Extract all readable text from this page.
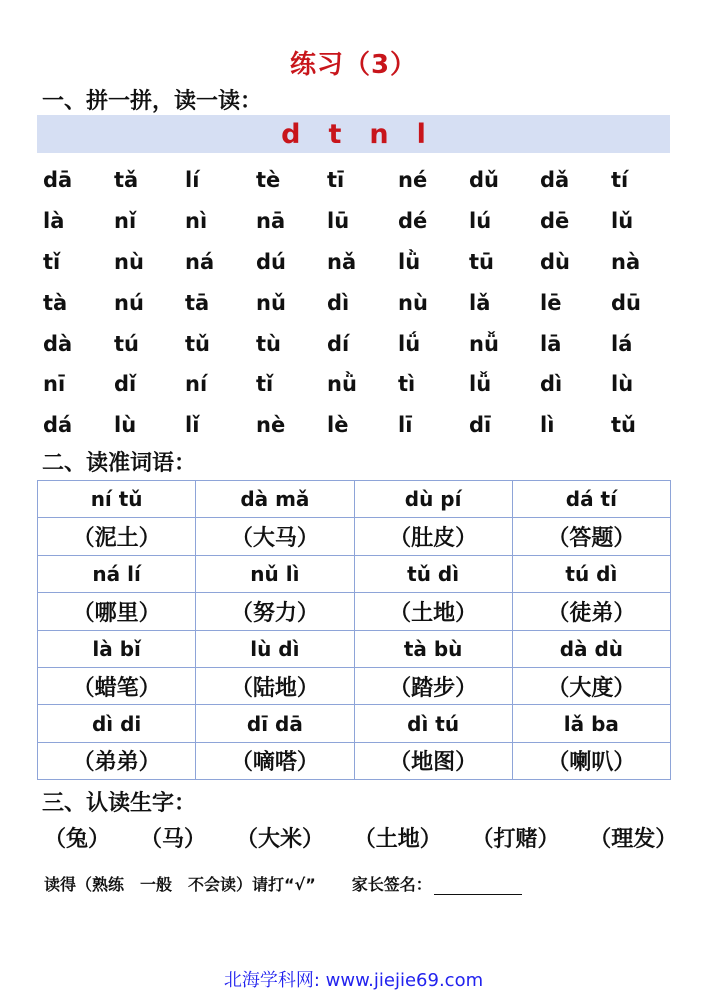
练习（3）
一、拼一拼，读一读：
d t n l
dā	tǎ	lí	tè	tī	né	dǔ	dǎ	tí
là	nǐ	nì	nā	lū	dé	lú	dē	lǔ
tǐ	nù	ná	dú	nǎ	lǜ	tū	dù	nà
tà	nú	tā	nǔ	dì	nù	lǎ	lē	dū
dà	tú	tǔ	tù	dí	lǘ	nǚ	lā	lá
nī	dǐ	ní	tǐ	nǜ	tì	lǚ	dì	lù
dá	lù	lǐ	nè	lè	lī	dī	lì	tǔ
二、读准词语：
ní tǔ	dà mǎ	dù pí	dá tí
（泥土）	（大马）	（肚皮）	（答题）
ná lí	nǔ lì	tǔ dì	tú dì
（哪里）	（努力）	（土地）	（徒弟）
là bǐ	lù dì	tà bù	dà dù
（蜡笔）	（陆地）	（踏步）	（大度）
dì di	dī dā	dì tú	lǎ ba
（弟弟）	（嘀嗒）	（地图）	（喇叭）
三、认读生字：
（兔） （马） （大米） （土地） （打赌） （理发）
读得（熟练　一般　不会读）请打“√” 家长签名：
北海学科网: www.jiejie69.com
